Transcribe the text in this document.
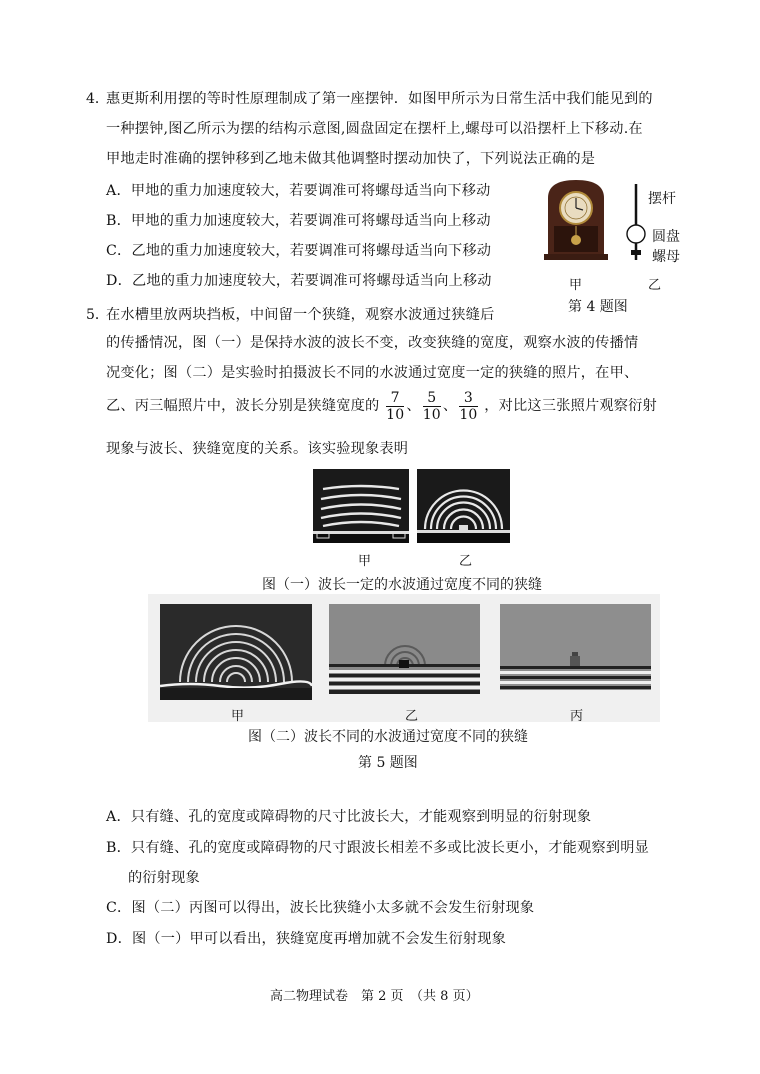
4．
惠更斯利用摆的等时性原理制成了第一座摆钟．如图甲所示为日常生活中我们能见到的
一种摆钟,图乙所示为摆的结构示意图,圆盘固定在摆杆上,螺母可以沿摆杆上下移动.在
甲地走时准确的摆钟移到乙地未做其他调整时摆动加快了，下列说法正确的是
A．甲地的重力加速度较大，若要调准可将螺母适当向下移动
B．甲地的重力加速度较大，若要调准可将螺母适当向上移动
C．乙地的重力加速度较大，若要调准可将螺母适当向下移动
D．乙地的重力加速度较大，若要调准可将螺母适当向上移动
摆杆
圆盘
螺母
甲	乙
第 4 题图
5．
在水槽里放两块挡板，中间留一个狭缝，观察水波通过狭缝后
的传播情况，图（一）是保持水波的波长不变，改变狭缝的宽度，观察水波的传播情
况变化；图（二）是实验时拍摄波长不同的水波通过宽度一定的狭缝的照片，在甲、
乙、丙三幅照片中，波长分别是狭缝宽度的 $\frac{7}{10}$ 、 $\frac{5}{10}$ 、 $\frac{3}{10}$ ，对比这三张照片观察衍射
现象与波长、狭缝宽度的关系。该实验现象表明
甲	乙
图（一）波长一定的水波通过宽度不同的狭缝
甲	乙	丙
图（二）波长不同的水波通过宽度不同的狭缝
第 5 题图
A．只有缝、孔的宽度或障碍物的尺寸比波长大，才能观察到明显的衍射现象
B．只有缝、孔的宽度或障碍物的尺寸跟波长相差不多或比波长更小，才能观察到明显
的衍射现象
C．图（二）丙图可以得出，波长比狭缝小太多就不会发生衍射现象
D．图（一）甲可以看出，狭缝宽度再增加就不会发生衍射现象
高二物理试卷　第 2 页　（共 8 页）
